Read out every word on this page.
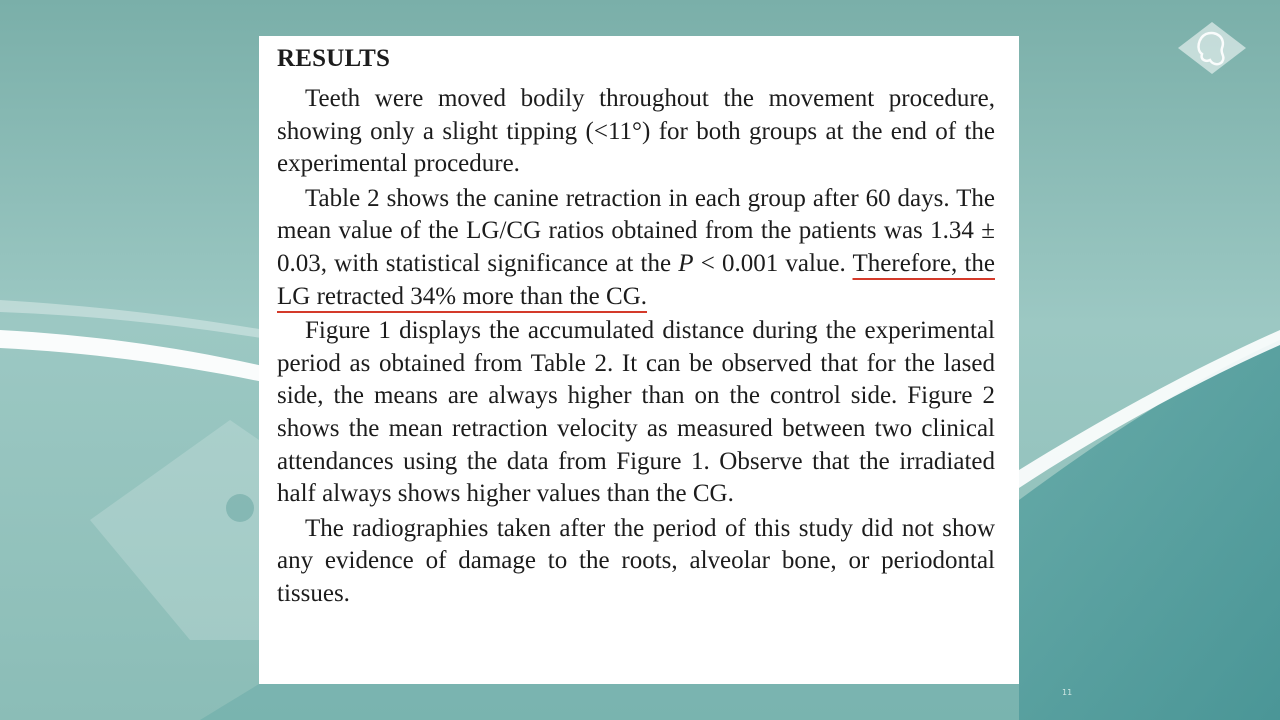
RESULTS

Teeth were moved bodily throughout the movement procedure, showing only a slight tipping (<11°) for both groups at the end of the experimental procedure.

Table 2 shows the canine retraction in each group after 60 days. The mean value of the LG/CG ratios obtained from the patients was 1.34 ± 0.03, with statistical significance at the P < 0.001 value. Therefore, the LG retracted 34% more than the CG.

Figure 1 displays the accumulated distance during the experimental period as obtained from Table 2. It can be observed that for the lased side, the means are always higher than on the control side. Figure 2 shows the mean retraction velocity as measured between two clinical attendances using the data from Figure 1. Observe that the irradiated half always shows higher values than the CG.

The radiographies taken after the period of this study did not show any evidence of damage to the roots, alveolar bone, or periodontal tissues.

11
